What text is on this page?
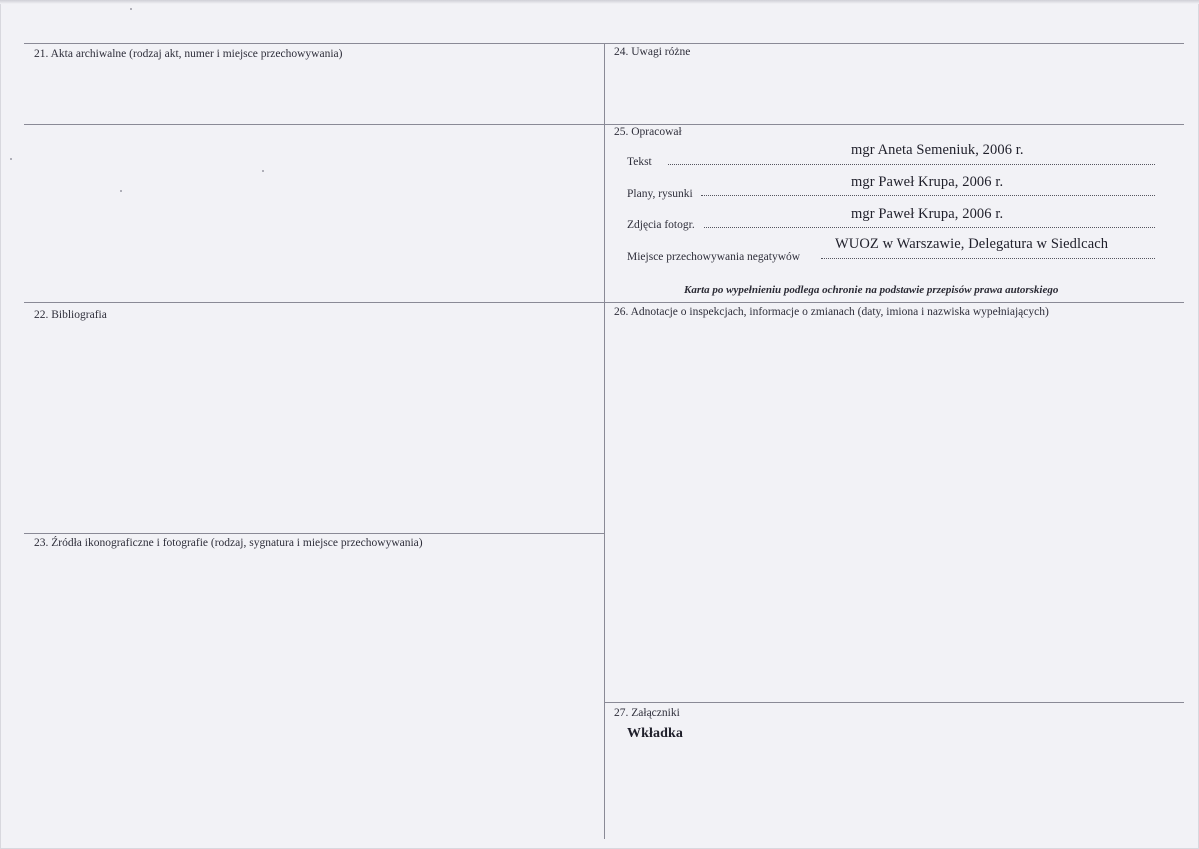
21. Akta archiwalne (rodzaj akt, numer i miejsce przechowywania)	24. Uwagi różne
25. Opracował
mgr Aneta Semeniuk, 2006 r.
Tekst
mgr Paweł Krupa, 2006 r.
Plany, rysunki
mgr Paweł Krupa, 2006 r.
Zdjęcia fotogr.
WUOZ w Warszawie, Delegatura w Siedlcach
Miejsce przechowywania negatywów
Karta po wypełnieniu podlega ochronie na podstawie przepisów prawa autorskiego
22. Bibliografia	26. Adnotacje o inspekcjach, informacje o zmianach (daty, imiona i nazwiska wypełniających)
23. Źródła ikonograficzne i fotografie (rodzaj, sygnatura i miejsce przechowywania)
27. Załączniki
Wkładka
